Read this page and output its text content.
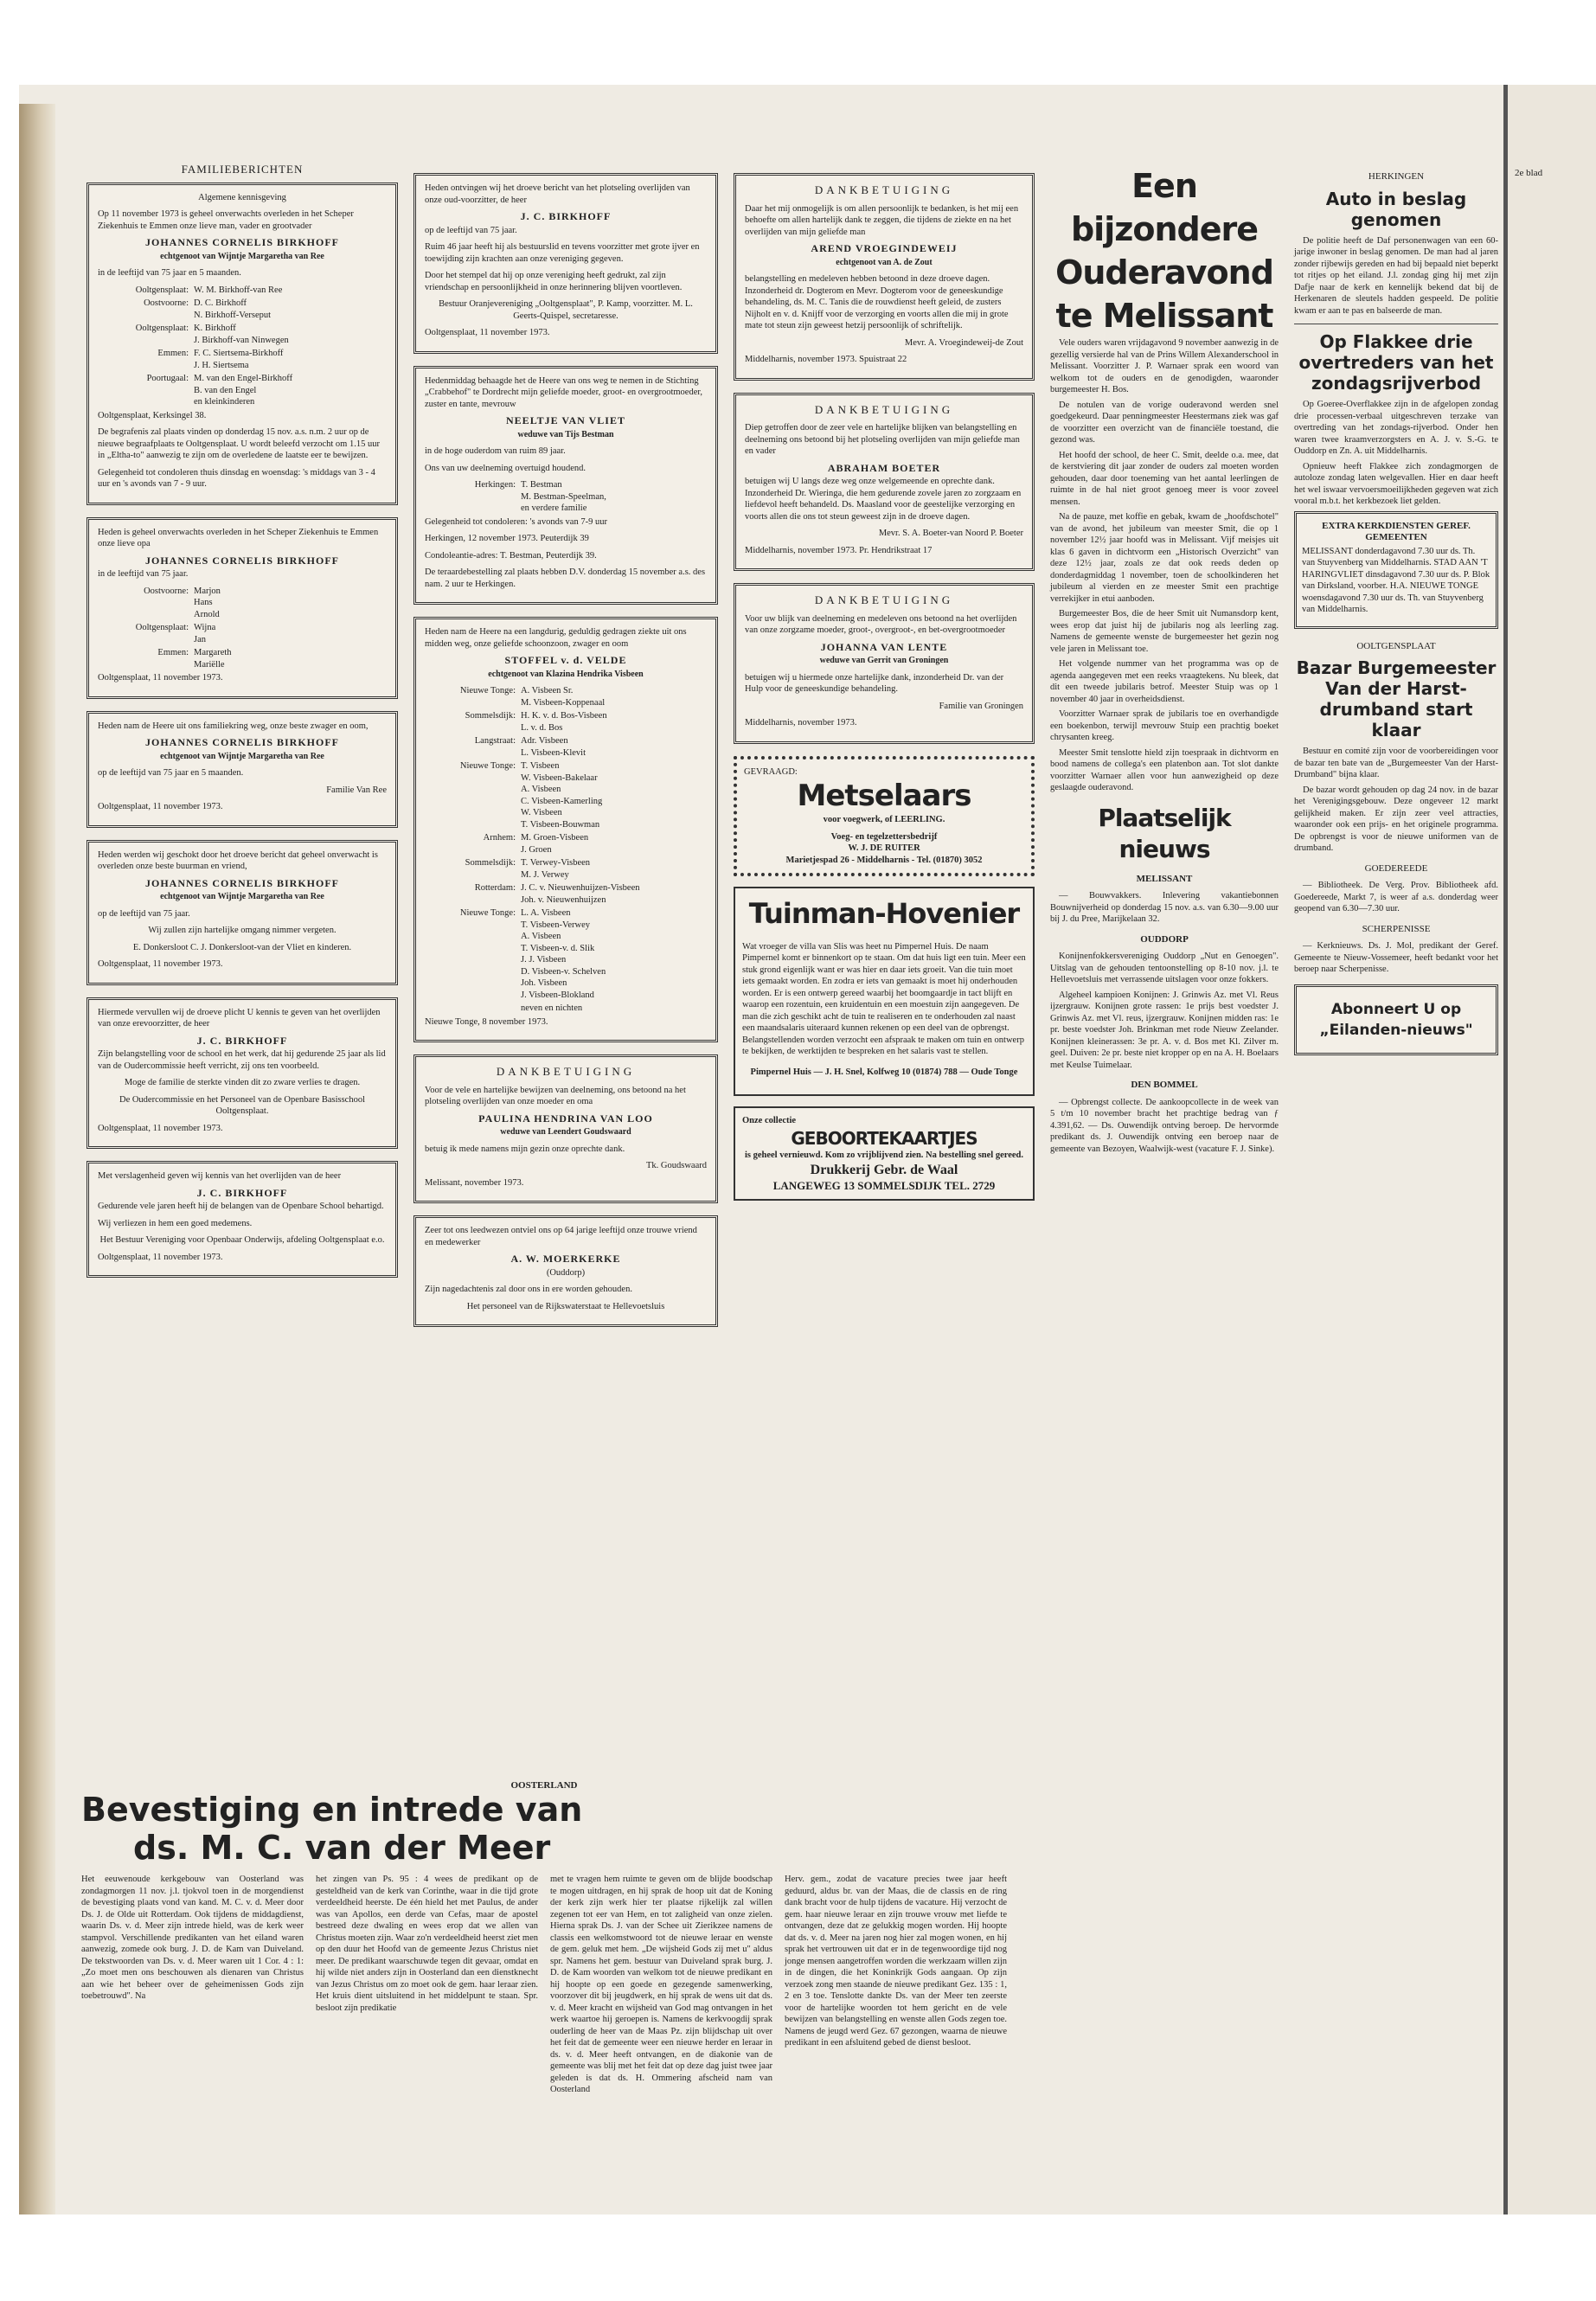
2e blad
FAMILIEBERICHTEN

Algemene kennisgeving

Op 11 november 1973 is geheel onverwachts overleden in het Scheper Ziekenhuis te Emmen onze lieve man, vader en grootvader

JOHANNES CORNELIS BIRKHOFF
echtgenoot van Wijntje Margaretha van Ree

in de leeftijd van 75 jaar en 5 maanden.

Ooltgensplaat: W. M. Birkhoff-van Ree
Oostvoorne: D. C. Birkhoff
N. Birkhoff-Verseput
Ooltgensplaat: K. Birkhoff
J. Birkhoff-van Ninwegen
Emmen: F. C. Siertsema-Birkhoff
J. H. Siertsema
Poortugaal: M. van den Engel-Birkhoff
B. van den Engel
en kleinkinderen

Ooltgensplaat, Kerksingel 38.

De begrafenis zal plaats vinden op donderdag 15 nov. a.s. n.m. 2 uur op de nieuwe begraafplaats te Ooltgensplaat. U wordt beleefd verzocht om 1.15 uur in „Eltha-to" aanwezig te zijn om de overledene de laatste eer te bewijzen.

Gelegenheid tot condoleren thuis dinsdag en woensdag: 's middags van 3 - 4 uur en 's avonds van 7 - 9 uur.

Heden is geheel onverwachts overleden in het Scheper Ziekenhuis te Emmen onze lieve opa

JOHANNES CORNELIS BIRKHOFF

in de leeftijd van 75 jaar.

Oostvoorne: Marjon
Hans
Arnold
Ooltgensplaat: Wijna
Jan
Emmen: Margareth
Mariëlle

Ooltgensplaat, 11 november 1973.

Heden nam de Heere uit ons familiekring weg, onze beste zwager en oom,

JOHANNES CORNELIS BIRKHOFF
echtgenoot van Wijntje Margaretha van Ree

op de leeftijd van 75 jaar en 5 maanden.

Familie Van Ree

Ooltgensplaat, 11 november 1973.

Heden werden wij geschokt door het droeve bericht dat geheel onverwacht is overleden onze beste buurman en vriend,

JOHANNES CORNELIS BIRKHOFF
echtgenoot van Wijntje Margaretha van Ree

op de leeftijd van 75 jaar.

Wij zullen zijn hartelijke omgang nimmer vergeten.

E. Donkersloot C. J. Donkersloot-van der Vliet en kinderen.

Ooltgensplaat, 11 november 1973.

Hiermede vervullen wij de droeve plicht U kennis te geven van het overlijden van onze erevoorzitter, de heer

J. C. BIRKHOFF

Zijn belangstelling voor de school en het werk, dat hij gedurende 25 jaar als lid van de Oudercommissie heeft verricht, zij ons ten voorbeeld.

Moge de familie de sterkte vinden dit zo zware verlies te dragen.

De Oudercommissie en het Personeel van de Openbare Basisschool Ooltgensplaat.

Ooltgensplaat, 11 november 1973.

Met verslagenheid geven wij kennis van het overlijden van de heer

J. C. BIRKHOFF

Gedurende vele jaren heeft hij de belangen van de Openbare School behartigd.

Wij verliezen in hem een goed medemens.

Het Bestuur Vereniging voor Openbaar Onderwijs, afdeling Ooltgensplaat e.o.

Ooltgensplaat, 11 november 1973.

Heden ontvingen wij het droeve bericht van het plotseling overlijden van onze oud-voorzitter, de heer

J. C. BIRKHOFF

op de leeftijd van 75 jaar.

Ruim 46 jaar heeft hij als bestuurslid en tevens voorzitter met grote ijver en toewijding zijn krachten aan onze vereniging gegeven.

Door het stempel dat hij op onze vereniging heeft gedrukt, zal zijn vriendschap en persoonlijkheid in onze herinnering blijven voortleven.

Bestuur Oranjevereniging „Ooltgensplaat", P. Kamp, voorzitter. M. L. Geerts-Quispel, secretaresse.

Ooltgensplaat, 11 november 1973.

Hedenmiddag behaagde het de Heere van ons weg te nemen in de Stichting „Crabbehof" te Dordrecht mijn geliefde moeder, groot- en overgrootmoeder, zuster en tante, mevrouw

NEELTJE VAN VLIET
weduwe van Tijs Bestman

in de hoge ouderdom van ruim 89 jaar.

Ons van uw deelneming overtuigd houdend.

Herkingen: T. Bestman
M. Bestman-Speelman,
en verdere familie

Gelegenheid tot condoleren: 's avonds van 7-9 uur

Herkingen, 12 november 1973. Peuterdijk 39

Condoleantie-adres: T. Bestman, Peuterdijk 39.

De teraardebestelling zal plaats hebben D.V. donderdag 15 november a.s. des nam. 2 uur te Herkingen.

Heden nam de Heere na een langdurig, geduldig gedragen ziekte uit ons midden weg, onze geliefde schoonzoon, zwager en oom

STOFFEL v. d. VELDE
echtgenoot van Klazina Hendrika Visbeen
Nieuwe Tonge: A. Visbeen Sr.
M. Visbeen-Koppenaal
Sommelsdijk: H. K. v. d. Bos-Visbeen
L. v. d. Bos
Langstraat: Adr. Visbeen
L. Visbeen-Klevit
Nieuwe Tonge: T. Visbeen
W. Visbeen-Bakelaar
A. Visbeen
C. Visbeen-Kamerling
W. Visbeen
T. Visbeen-Bouwman
Arnhem: M. Groen-Visbeen
J. Groen
Sommelsdijk: T. Verwey-Visbeen
M. J. Verwey
Rotterdam: J. C. v. Nieuwenhuijzen-Visbeen
Joh. v. Nieuwenhuijzen
Nieuwe Tonge: L. A. Visbeen
T. Visbeen-Verwey
A. Visbeen
T. Visbeen-v. d. Slik
J. J. Visbeen
D. Visbeen-v. Schelven
Joh. Visbeen
J. Visbeen-Blokland
neven en nichten

Nieuwe Tonge, 8 november 1973.

DANKBETUIGING

Voor de vele en hartelijke bewijzen van deelneming, ons betoond na het plotseling overlijden van onze moeder en oma

PAULINA HENDRINA VAN LOO
weduwe van Leendert Goudswaard

betuig ik mede namens mijn gezin onze oprechte dank.

Tk. Goudswaard

Melissant, november 1973.

Zeer tot ons leedwezen ontviel ons op 64 jarige leeftijd onze trouwe vriend en medewerker

A. W. MOERKERKE

(Ouddorp)

Zijn nagedachtenis zal door ons in ere worden gehouden.

Het personeel van de Rijkswaterstaat te Hellevoetsluis

DANKBETUIGING

Daar het mij onmogelijk is om allen persoonlijk te bedanken, is het mij een behoefte om allen hartelijk dank te zeggen, die tijdens de ziekte en na het overlijden van mijn geliefde man

AREND VROEGINDEWEIJ
echtgenoot van A. de Zout

belangstelling en medeleven hebben betoond in deze droeve dagen. Inzonderheid dr. Dogterom en Mevr. Dogterom voor de geneeskundige behandeling, ds. M. C. Tanis die de rouwdienst heeft geleid, de zusters Nijholt en v. d. Knijff voor de verzorging en voorts allen die mij in grote mate tot steun zijn geweest hetzij persoonlijk of schriftelijk.

Mevr. A. Vroegindeweij-de Zout

Middelharnis, november 1973. Spuistraat 22

DANKBETUIGING

Diep getroffen door de zeer vele en hartelijke blijken van belangstelling en deelneming ons betoond bij het plotseling overlijden van mijn geliefde man en vader

ABRAHAM BOETER

betuigen wij U langs deze weg onze welgemeende en oprechte dank. Inzonderheid Dr. Wieringa, die hem gedurende zovele jaren zo zorgzaam en liefdevol heeft behandeld. Ds. Maasland voor de geestelijke verzorging en voorts allen die ons tot steun geweest zijn in de droeve dagen.

Mevr. S. A. Boeter-van Noord P. Boeter

Middelharnis, november 1973. Pr. Hendrikstraat 17

DANKBETUIGING

Voor uw blijk van deelneming en medeleven ons betoond na het overlijden van onze zorgzame moeder, groot-, overgroot-, en bet-overgrootmoeder

JOHANNA VAN LENTE
weduwe van Gerrit van Groningen

betuigen wij u hiermede onze hartelijke dank, inzonderheid Dr. van der Hulp voor de geneeskundige behandeling.

Familie van Groningen

Middelharnis, november 1973.

GEVRAAGD:
Metselaars
voor voegwerk, of LEERLING.
Voeg- en tegelzettersbedrijf
W. J. DE RUITER
Marietjespad 26 - Middelharnis - Tel. (01870) 3052
Tuinman-Hovenier

Wat vroeger de villa van Slis was heet nu Pimpernel Huis. De naam Pimpernel komt er binnenkort op te staan. Om dat huis ligt een tuin. Meer een stuk grond eigenlijk want er was hier en daar iets groeit. Van die tuin moet iets gemaakt worden. En zodra er iets van gemaakt is moet hij onderhouden worden. Er is een ontwerp gereed waarbij het boomgaardje in tact blijft en waarop een rozentuin, een kruidentuin en een moestuin zijn aangegeven. De man die zich geschikt acht de tuin te realiseren en te onderhouden zal naast een maandsalaris uiteraard kunnen rekenen op een deel van de opbrengst. Belangstellenden worden verzocht een afspraak te maken om tuin en ontwerp te bekijken, de werktijden te bespreken en het salaris vast te stellen.

Pimpernel Huis — J. H. Snel, Kolfweg 10 (01874) 788 — Oude Tonge

Onze collectie
GEBOORTEKAARTJES
is geheel vernieuwd. Kom zo vrijblijvend zien. Na bestelling snel gereed.
Drukkerij Gebr. de Waal
LANGEWEG 13 SOMMELSDIJK TEL. 2729
Een bijzondere Ouderavond te Melissant

Vele ouders waren vrijdagavond 9 november aanwezig in de gezellig versierde hal van de Prins Willem Alexanderschool in Melissant. Voorzitter J. P. Warnaer sprak een woord van welkom tot de ouders en de genodigden, waaronder burgemeester H. Bos.

De notulen van de vorige ouderavond werden snel goedgekeurd. Daar penningmeester Heestermans ziek was gaf de voorzitter een overzicht van de financiële toestand, die gezond was.

Het hoofd der school, de heer C. Smit, deelde o.a. mee, dat de kerstviering dit jaar zonder de ouders zal moeten worden gehouden, daar door toeneming van het aantal leerlingen de ruimte in de hal niet groot genoeg meer is voor zoveel mensen.

Na de pauze, met koffie en gebak, kwam de „hoofdschotel" van de avond, het jubileum van meester Smit, die op 1 november 12½ jaar hoofd was in Melissant. Vijf meisjes uit klas 6 gaven in dichtvorm een „Historisch Overzicht" van deze 12½ jaar, zoals ze dat ook reeds deden op donderdagmiddag 1 november, toen de schoolkinderen het jubileum al vierden en ze meester Smit een prachtige verrekijker in etui aanboden.

Burgemeester Bos, die de heer Smit uit Numansdorp kent, wees erop dat juist hij de jubilaris nog als leerling zag. Namens de gemeente wenste de burgemeester het gezin nog vele jaren in Melissant toe.

Het volgende nummer van het programma was op de agenda aangegeven met een reeks vraagtekens. Nu bleek, dat dit een tweede jubilaris betrof. Meester Stuip was op 1 november 40 jaar in overheidsdienst.

Voorzitter Warnaer sprak de jubilaris toe en overhandigde een boekenbon, terwijl mevrouw Stuip een prachtig boeket chrysanten kreeg.

Meester Smit tenslotte hield zijn toespraak in dichtvorm en bood namens de collega's een platenbon aan. Tot slot dankte voorzitter Warnaer allen voor hun aanwezigheid op deze geslaagde ouderavond.

Plaatselijk nieuws
MELISSANT

— Bouwvakkers. Inlevering vakantiebonnen Bouwnijverheid op donderdag 15 nov. a.s. van 6.30—9.00 uur bij J. du Pree, Marijkelaan 32.

OUDDORP

Konijnenfokkersvereniging Ouddorp „Nut en Genoegen". Uitslag van de gehouden tentoonstelling op 8-10 nov. j.l. te Hellevoetsluis met verrassende uitslagen voor onze fokkers.

Algeheel kampioen Konijnen: J. Grinwis Az. met Vl. Reus ijzergrauw. Konijnen grote rassen: 1e prijs best voedster J. Grinwis Az. met Vl. reus, ijzergrauw. Konijnen midden ras: 1e pr. beste voedster Joh. Brinkman met rode Nieuw Zeelander. Konijnen kleinerassen: 3e pr. A. v. d. Bos met Kl. Zilver m. geel. Duiven: 2e pr. beste niet kropper op en na A. H. Boelaars met Keulse Tuimelaar.

DEN BOMMEL

— Opbrengst collecte. De aankoopcollecte in de week van 5 t/m 10 november bracht het prachtige bedrag van ƒ 4.391,62. — Ds. Ouwendijk ontving beroep. De hervormde predikant ds. J. Ouwendijk ontving een beroep naar de gemeente van Bezoyen, Waalwijk-west (vacature F. J. Sinke).

HERKINGEN
Auto in beslag genomen

De politie heeft de Daf personenwagen van een 60-jarige inwoner in beslag genomen. De man had al jaren zonder rijbewijs gereden en had bij bepaald niet beperkt tot ritjes op het eiland. J.l. zondag ging hij met zijn Dafje naar de kerk en kennelijk bekend dat bij de Herkenaren de sleutels hadden gespeeld. De politie kwam er aan te pas en balseerde de man.

Op Flakkee drie overtreders van het zondagsrijverbod

Op Goeree-Overflakkee zijn in de afgelopen zondag drie processen-verbaal uitgeschreven terzake van overtreding van het zondags-rijverbod. Onder hen waren twee kraamverzorgsters en A. J. v. S.-G. te Ouddorp en Zn. A. uit Middelharnis.

Opnieuw heeft Flakkee zich zondagmorgen de autoloze zondag laten welgevallen. Hier en daar heeft het wel iswaar vervoersmoeilijkheden gegeven wat zich vooral m.b.t. het kerkbezoek liet gelden.

EXTRA KERKDIENSTEN GEREF. GEMEENTEN

MELISSANT donderdagavond 7.30 uur ds. Th. van Stuyvenberg van Middelharnis. STAD AAN 'T HARINGVLIET dinsdagavond 7.30 uur ds. P. Blok van Dirksland, voorber. H.A. NIEUWE TONGE woensdagavond 7.30 uur ds. Th. van Stuyvenberg van Middelharnis.

OOLTGENSPLAAT
Bazar Burgemeester Van der Harst-drumband start klaar

Bestuur en comité zijn voor de voorbereidingen voor de bazar ten bate van de „Burgemeester Van der Harst-Drumband" bijna klaar.

De bazar wordt gehouden op dag 24 nov. in de bazar het Verenigingsgebouw. Deze ongeveer 12 markt gelijkheid maken. Er zijn zeer veel attracties, waaronder ook een prijs- en het originele programma. De opbrengst is voor de nieuwe uniformen van de drumband.

GOEDEREEDE

— Bibliotheek. De Verg. Prov. Bibliotheek afd. Goedereede, Markt 7, is weer af a.s. donderdag weer geopend van 6.30—7.30 uur.

SCHERPENISSE

— Kerknieuws. Ds. J. Mol, predikant der Geref. Gemeente te Nieuw-Vossemeer, heeft bedankt voor het beroep naar Scherpenisse.

Abonneert U op „Eilanden-nieuws"
OOSTERLAND
Bevestiging en intrede van
ds. M. C. van der Meer
Het eeuwenoude kerkgebouw van Oosterland was zondagmorgen 11 nov. j.l. tjokvol toen in de morgendienst de bevestiging plaats vond van kand. M. C. v. d. Meer door Ds. J. de Olde uit Rotterdam. Ook tijdens de middagdienst, waarin Ds. v. d. Meer zijn intrede hield, was de kerk weer stampvol. Verschillende predikanten van het eiland waren aanwezig, zomede ook burg. J. D. de Kam van Duiveland. De tekstwoorden van Ds. v. d. Meer waren uit 1 Cor. 4 : 1: „Zo moet men ons beschouwen als dienaren van Christus aan wie het beheer over de geheimenissen Gods zijn toebetrouwd". Na
het zingen van Ps. 95 : 4 wees de predikant op de gesteldheid van de kerk van Corinthe, waar in die tijd grote verdeeldheid heerste. De één hield het met Paulus, de ander was van Apollos, een derde van Cefas, maar de apostel bestreed deze dwaling en wees erop dat we allen van Christus moeten zijn. Waar zo'n verdeeldheid heerst ziet men op den duur het Hoofd van de gemeente Jezus Christus niet meer. De predikant waarschuwde tegen dit gevaar, omdat en hij wilde niet anders zijn in Oosterland dan een dienstknecht van Jezus Christus om zo moet ook de gem. haar leraar zien. Het kruis dient uitsluitend in het middelpunt te staan. Spr. besloot zijn predikatie
met te vragen hem ruimte te geven om de blijde boodschap te mogen uitdragen, en hij sprak de hoop uit dat de Koning der kerk zijn werk hier ter plaatse rijkelijk zal willen zegenen tot eer van Hem, en tot zaligheid van onze zielen. Hierna sprak Ds. J. van der Schee uit Zierikzee namens de classis een welkomstwoord tot de nieuwe leraar en wenste de gem. geluk met hem. „De wijsheid Gods zij met u" aldus spr. Namens het gem. bestuur van Duiveland sprak burg. J. D. de Kam woorden van welkom tot de nieuwe predikant en hij hoopte op een goede en gezegende samenwerking, voorzover dit bij jeugdwerk, en hij sprak de wens uit dat ds. v. d. Meer kracht en wijsheid van God mag ontvangen in het werk waartoe hij geroepen is. Namens de kerkvoogdij sprak ouderling de heer van de Maas Pz. zijn blijdschap uit over het feit dat de gemeente weer een nieuwe herder en leraar in ds. v. d. Meer heeft ontvangen, en de diakonie van de gemeente was blij met het feit dat op deze dag juist twee jaar geleden is dat ds. H. Ommering afscheid nam van Oosterland
Herv. gem., zodat de vacature precies twee jaar heeft geduurd, aldus br. van der Maas, die de classis en de ring dank bracht voor de hulp tijdens de vacature. Hij verzocht de gem. haar nieuwe leraar en zijn trouwe vrouw met liefde te ontvangen, deze dat ze gelukkig mogen worden. Hij hoopte dat ds. v. d. Meer na jaren nog hier zal mogen wonen, en hij sprak het vertrouwen uit dat er in de tegenwoordige tijd nog jonge mensen aangetroffen worden die werkzaam willen zijn in de dingen, die het Koninkrijk Gods aangaan. Op zijn verzoek zong men staande de nieuwe predikant Gez. 135 : 1, 2 en 3 toe. Tenslotte dankte Ds. van der Meer ten zeerste voor de hartelijke woorden tot hem gericht en de vele bewijzen van belangstelling en wenste allen Gods zegen toe. Namens de jeugd werd Gez. 67 gezongen, waarna de nieuwe predikant in een afsluitend gebed de dienst besloot.
